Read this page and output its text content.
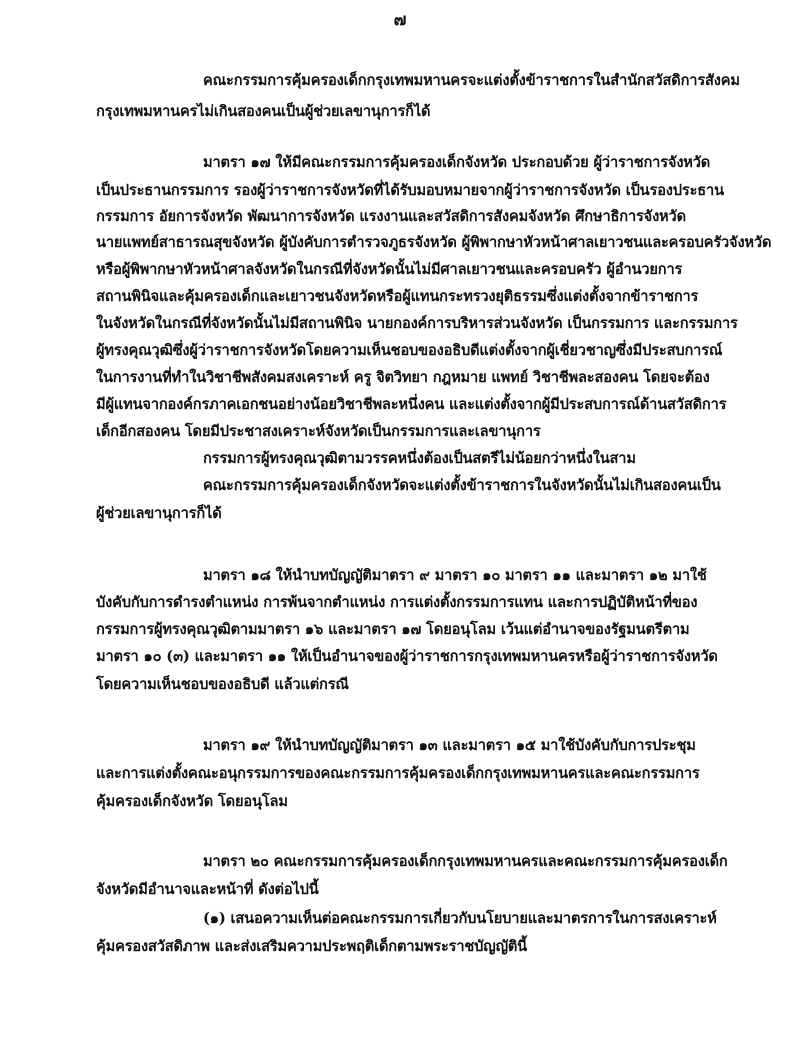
๗
คณะกรรมการคุ้มครองเด็กกรุงเทพมหานครจะแต่งตั้งข้าราชการในสำนักสวัสดิการสังคม
กรุงเทพมหานครไม่เกินสองคนเป็นผู้ช่วยเลขานุการก็ได้
มาตรา ๑๗ ให้มีคณะกรรมการคุ้มครองเด็กจังหวัด ประกอบด้วย ผู้ว่าราชการจังหวัด
เป็นประธานกรรมการ รองผู้ว่าราชการจังหวัดที่ได้รับมอบหมายจากผู้ว่าราชการจังหวัด เป็นรองประธาน
กรรมการ อัยการจังหวัด พัฒนาการจังหวัด แรงงานและสวัสดิการสังคมจังหวัด ศึกษาธิการจังหวัด
นายแพทย์สาธารณสุขจังหวัด ผู้บังคับการตำรวจภูธรจังหวัด ผู้พิพากษาหัวหน้าศาลเยาวชนและครอบครัวจังหวัด
หรือผู้พิพากษาหัวหน้าศาลจังหวัดในกรณีที่จังหวัดนั้นไม่มีศาลเยาวชนและครอบครัว ผู้อำนวยการ
สถานพินิจและคุ้มครองเด็กและเยาวชนจังหวัดหรือผู้แทนกระทรวงยุติธรรมซึ่งแต่งตั้งจากข้าราชการ
ในจังหวัดในกรณีที่จังหวัดนั้นไม่มีสถานพินิจ นายกองค์การบริหารส่วนจังหวัด เป็นกรรมการ และกรรมการ
ผู้ทรงคุณวุฒิซึ่งผู้ว่าราชการจังหวัดโดยความเห็นชอบของอธิบดีแต่งตั้งจากผู้เชี่ยวชาญซึ่งมีประสบการณ์
ในการงานที่ทำในวิชาชีพสังคมสงเคราะห์ ครู จิตวิทยา กฎหมาย แพทย์ วิชาชีพละสองคน โดยจะต้อง
มีผู้แทนจากองค์กรภาคเอกชนอย่างน้อยวิชาชีพละหนึ่งคน และแต่งตั้งจากผู้มีประสบการณ์ด้านสวัสดิการ
เด็กอีกสองคน โดยมีประชาสงเคราะห์จังหวัดเป็นกรรมการและเลขานุการ
กรรมการผู้ทรงคุณวุฒิตามวรรคหนึ่งต้องเป็นสตรีไม่น้อยกว่าหนึ่งในสาม
คณะกรรมการคุ้มครองเด็กจังหวัดจะแต่งตั้งข้าราชการในจังหวัดนั้นไม่เกินสองคนเป็น
ผู้ช่วยเลขานุการก็ได้
มาตรา ๑๘ ให้นำบทบัญญัติมาตรา ๙ มาตรา ๑๐ มาตรา ๑๑ และมาตรา ๑๒ มาใช้
บังคับกับการดำรงตำแหน่ง การพ้นจากตำแหน่ง การแต่งตั้งกรรมการแทน และการปฏิบัติหน้าที่ของ
กรรมการผู้ทรงคุณวุฒิตามมาตรา ๑๖ และมาตรา ๑๗ โดยอนุโลม เว้นแต่อำนาจของรัฐมนตรีตาม
มาตรา ๑๐ (๓) และมาตรา ๑๑ ให้เป็นอำนาจของผู้ว่าราชการกรุงเทพมหานครหรือผู้ว่าราชการจังหวัด
โดยความเห็นชอบของอธิบดี แล้วแต่กรณี
มาตรา ๑๙ ให้นำบทบัญญัติมาตรา ๑๓ และมาตรา ๑๕ มาใช้บังคับกับการประชุม
และการแต่งตั้งคณะอนุกรรมการของคณะกรรมการคุ้มครองเด็กกรุงเทพมหานครและคณะกรรมการ
คุ้มครองเด็กจังหวัด โดยอนุโลม
มาตรา ๒๐ คณะกรรมการคุ้มครองเด็กกรุงเทพมหานครและคณะกรรมการคุ้มครองเด็ก
จังหวัดมีอำนาจและหน้าที่ ดังต่อไปนี้
(๑) เสนอความเห็นต่อคณะกรรมการเกี่ยวกับนโยบายและมาตรการในการสงเคราะห์
คุ้มครองสวัสดิภาพ และส่งเสริมความประพฤติเด็กตามพระราชบัญญัตินี้
